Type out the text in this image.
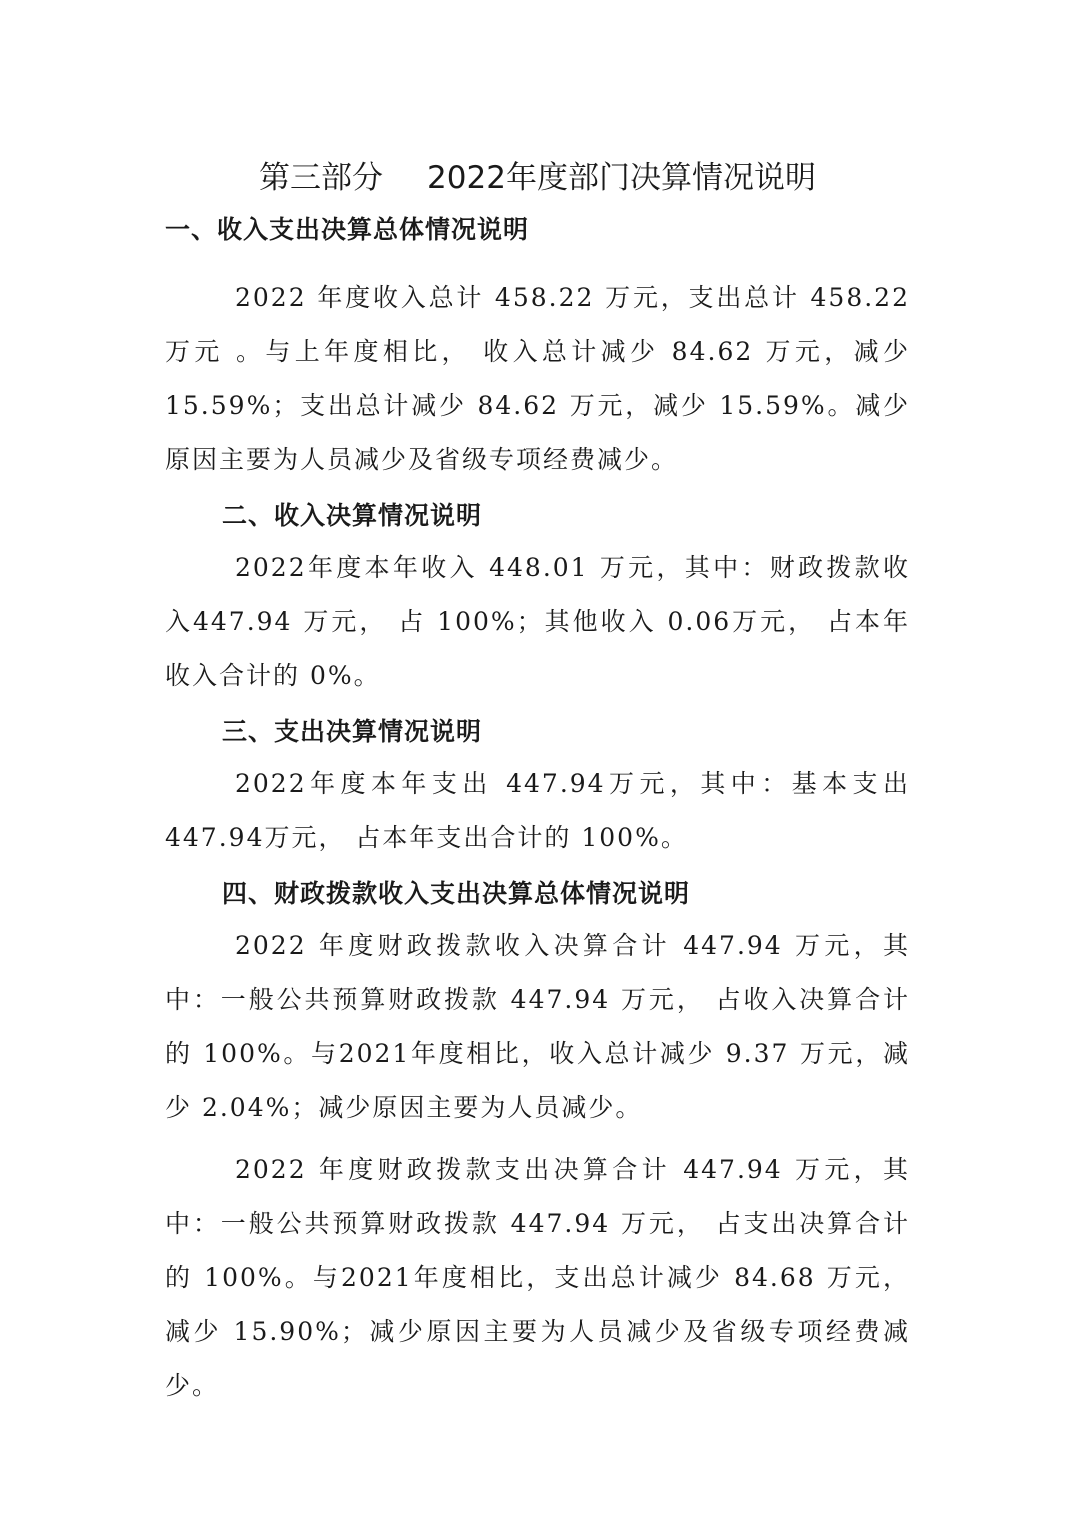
第三部分 2022年度部门决算情况说明
一、收入支出决算总体情况说明
2022 年度收入总计 458.22 万元，支出总计 458.22 万元 。与上年度相比， 收入总计减少 84.62 万元，减少 15.59%；支出总计减少 84.62 万元，减少 15.59%。减少原因主要为人员减少及省级专项经费减少。
二、收入决算情况说明
2022年度本年收入 448.01 万元，其中：财政拨款收入447.94 万元， 占 100%；其他收入 0.06万元， 占本年收入合计的 0%。
三、支出决算情况说明
2022年度本年支出 447.94万元，其中：基本支出447.94万元， 占本年支出合计的 100%。
四、财政拨款收入支出决算总体情况说明
2022 年度财政拨款收入决算合计 447.94 万元，其中：一般公共预算财政拨款 447.94 万元， 占收入决算合计的 100%。与2021年度相比，收入总计减少 9.37 万元，减少 2.04%；减少原因主要为人员减少。
2022 年度财政拨款支出决算合计 447.94 万元，其中：一般公共预算财政拨款 447.94 万元， 占支出决算合计的 100%。与2021年度相比，支出总计减少 84.68 万元，减少 15.90%；减少原因主要为人员减少及省级专项经费减少。
